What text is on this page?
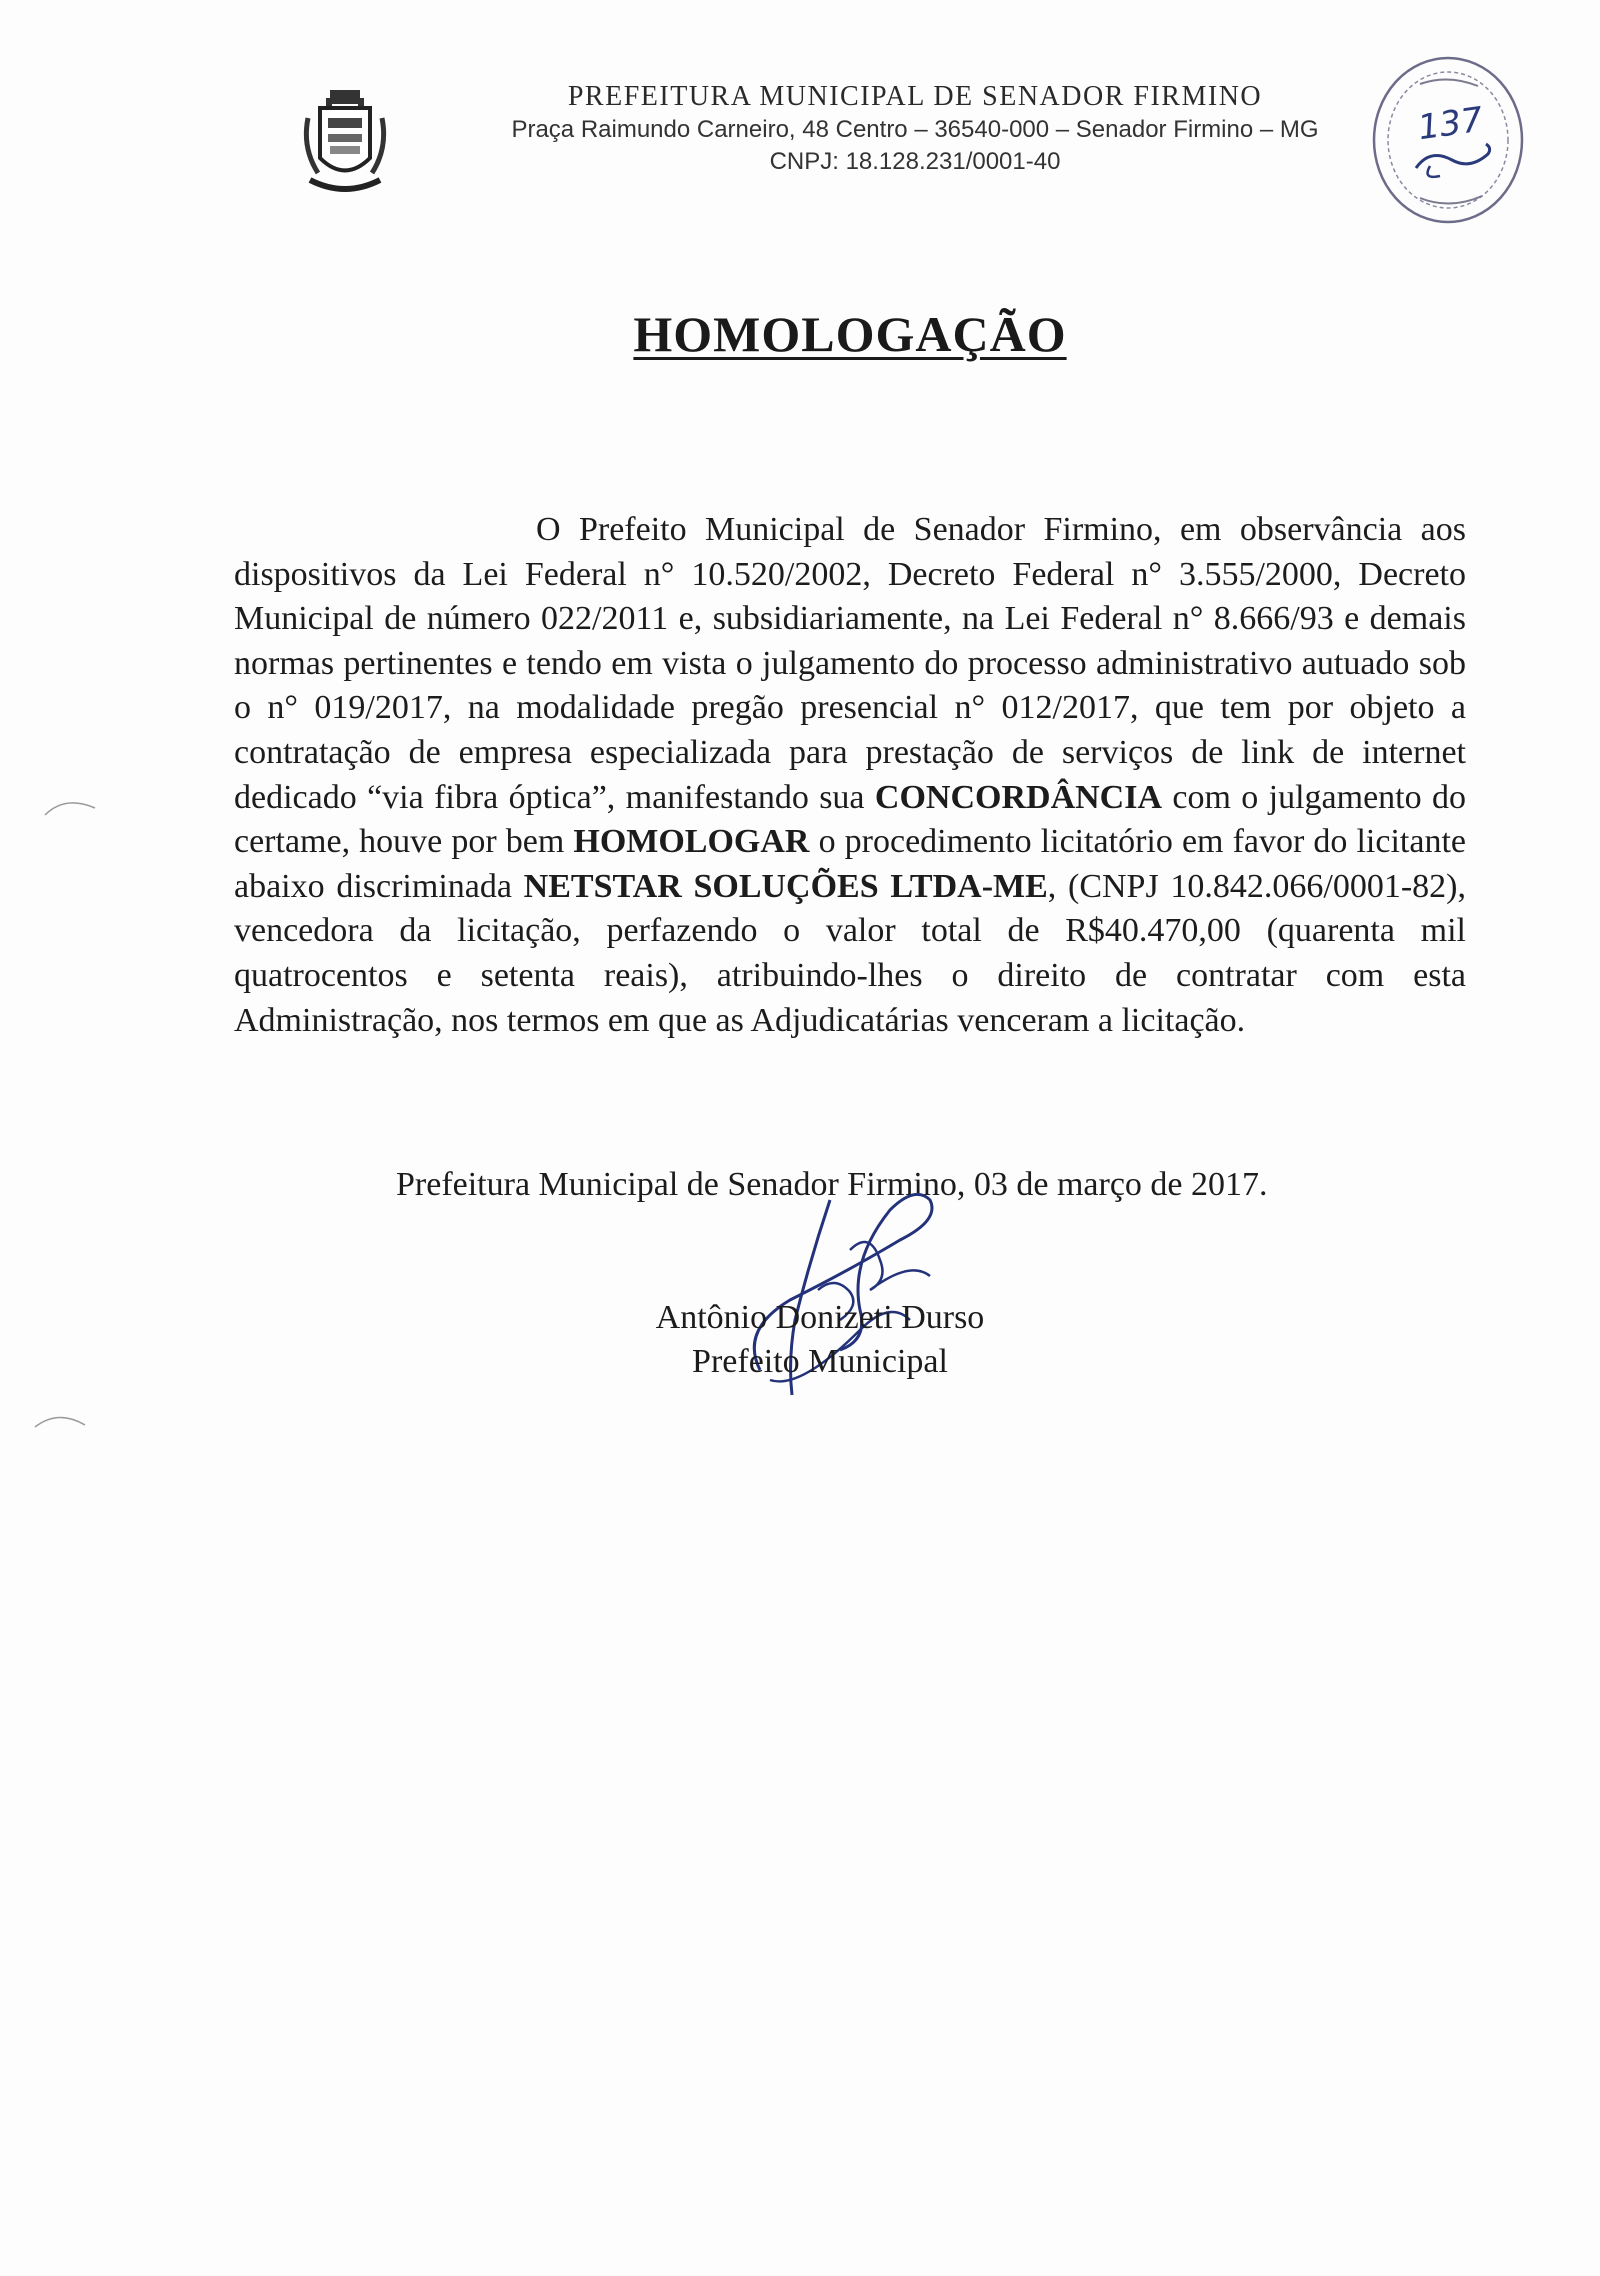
PREFEITURA MUNICIPAL DE SENADOR FIRMINO
Praça Raimundo Carneiro, 48 Centro – 36540-000 – Senador Firmino – MG
CNPJ: 18.128.231/0001-40
137
HOMOLOGAÇÃO
O Prefeito Municipal de Senador Firmino, em observância aos dispositivos da Lei Federal n° 10.520/2002, Decreto Federal n° 3.555/2000, Decreto Municipal de número 022/2011 e, subsidiariamente, na Lei Federal n° 8.666/93 e demais normas pertinentes e tendo em vista o julgamento do processo administrativo autuado sob o n° 019/2017, na modalidade pregão presencial n° 012/2017, que tem por objeto a contratação de empresa especializada para prestação de serviços de link de internet dedicado “via fibra óptica”, manifestando sua CONCORDÂNCIA com o julgamento do certame, houve por bem HOMOLOGAR o procedimento licitatório em favor do licitante abaixo discriminada NETSTAR SOLUÇÕES LTDA-ME, (CNPJ 10.842.066/0001-82), vencedora da licitação, perfazendo o valor total de R$40.470,00 (quarenta mil quatrocentos e setenta reais), atribuindo-lhes o direito de contratar com esta Administração, nos termos em que as Adjudicatárias venceram a licitação.
Prefeitura Municipal de Senador Firmino, 03 de março de 2017.
Antônio Donizeti Durso
Prefeito Municipal
